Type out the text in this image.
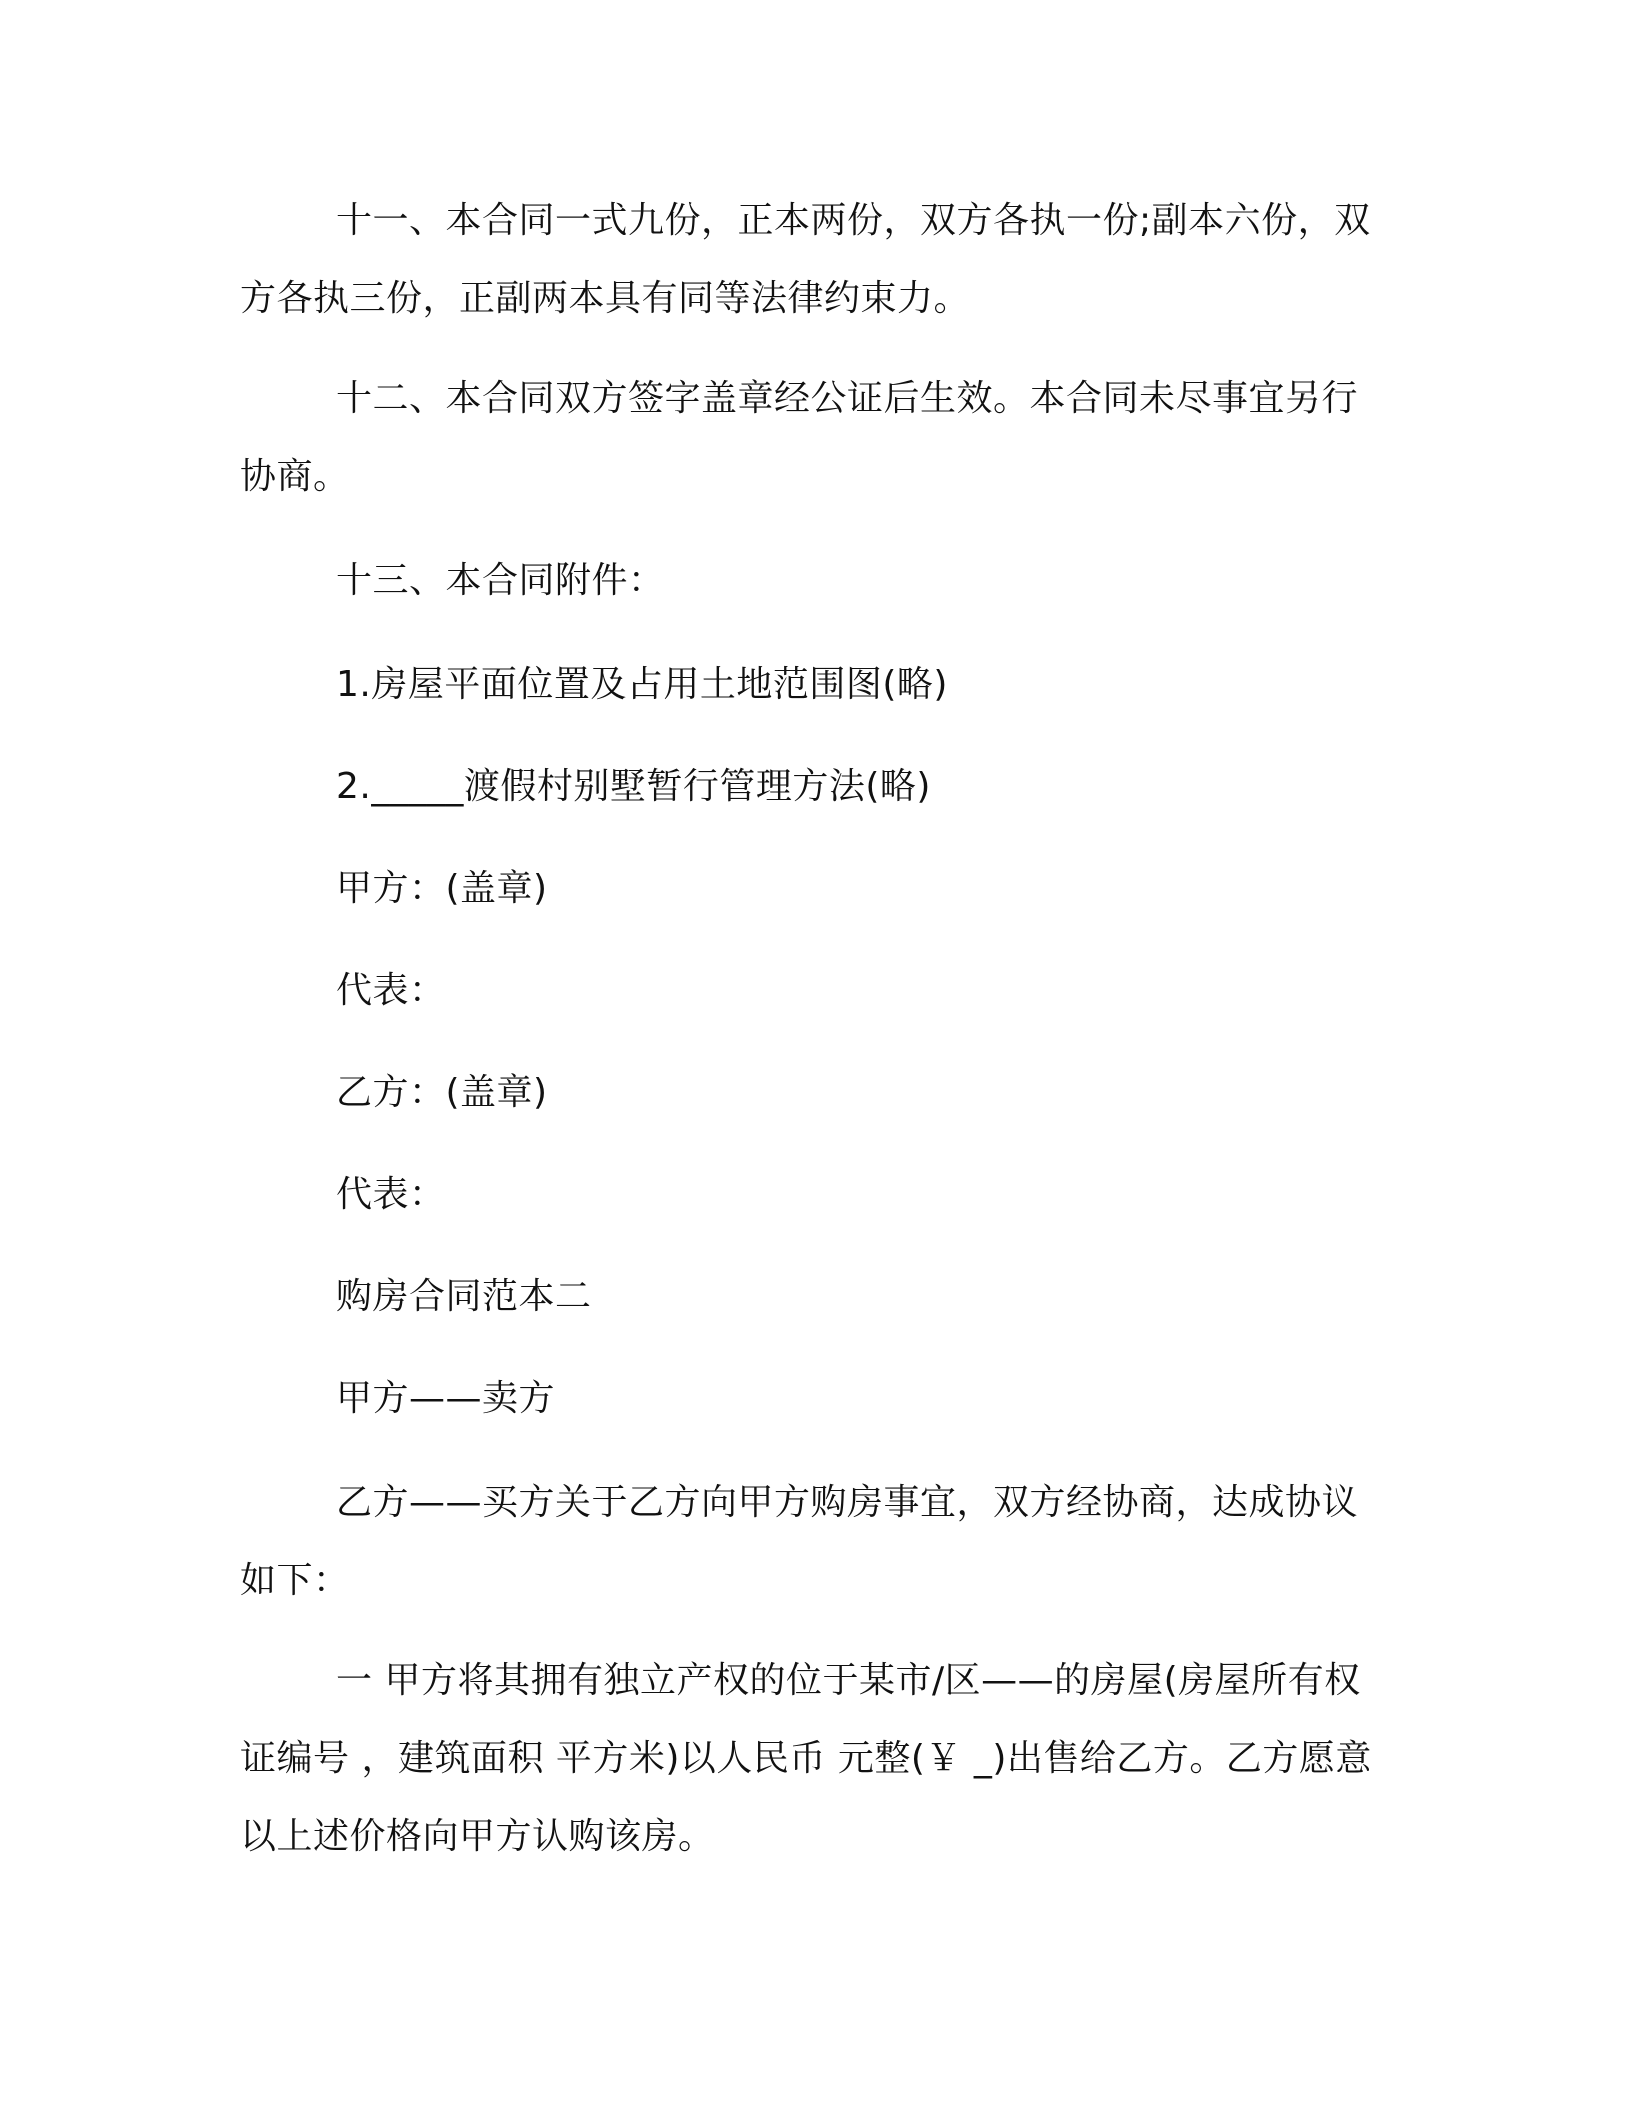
十一、本合同一式九份，正本两份，双方各执一份;副本六份，双方各执三份，正副两本具有同等法律约束力。

十二、本合同双方签字盖章经公证后生效。本合同未尽事宜另行协商。

十三、本合同附件：

1.房屋平面位置及占用土地范围图(略)

2._____渡假村别墅暂行管理方法(略)

甲方：(盖章)

代表：

乙方：(盖章)

代表：

购房合同范本二

甲方——卖方

乙方——买方关于乙方向甲方购房事宜，双方经协商，达成协议如下：

一 甲方将其拥有独立产权的位于某市/区——的房屋(房屋所有权证编号 ，建筑面积 平方米)以人民币 元整(￥ _)出售给乙方。乙方愿意以上述价格向甲方认购该房。
